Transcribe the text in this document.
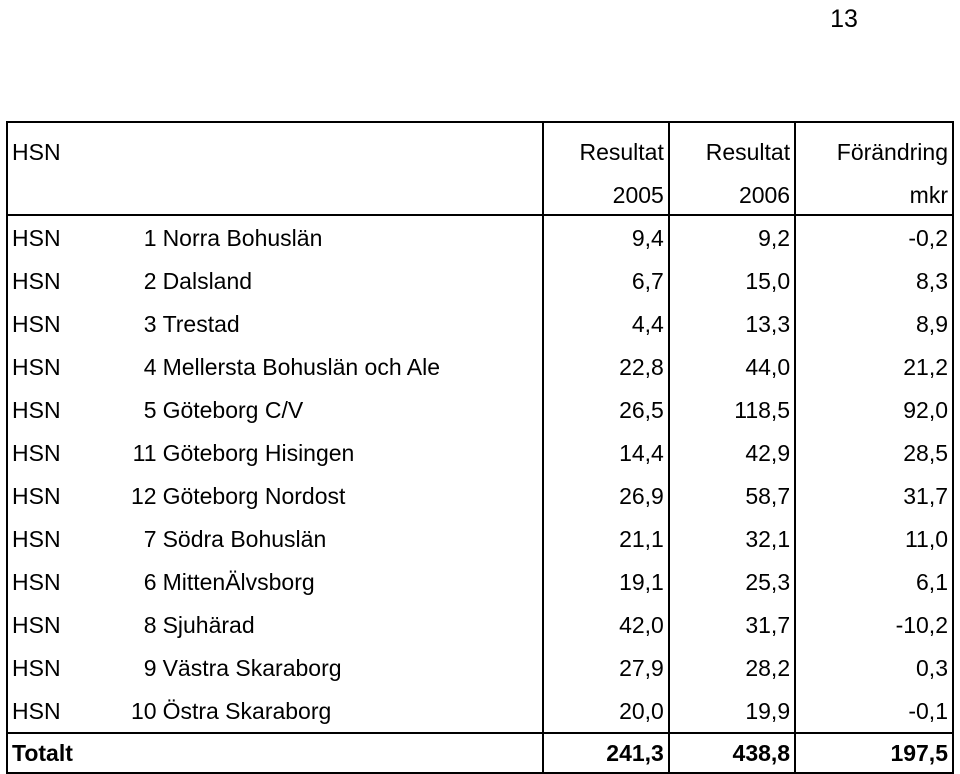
13
HSN			Resultat	Resultat	Förändring
			2005	2006	mkr
HSN	1	Norra Bohuslän	9,4	9,2	-0,2
HSN	2	Dalsland	6,7	15,0	8,3
HSN	3	Trestad	4,4	13,3	8,9
HSN	4	Mellersta Bohuslän och Ale	22,8	44,0	21,2
HSN	5	Göteborg C/V	26,5	118,5	92,0
HSN	11	Göteborg Hisingen	14,4	42,9	28,5
HSN	12	Göteborg Nordost	26,9	58,7	31,7
HSN	7	Södra Bohuslän	21,1	32,1	11,0
HSN	6	MittenÄlvsborg	19,1	25,3	6,1
HSN	8	Sjuhärad	42,0	31,7	-10,2
HSN	9	Västra Skaraborg	27,9	28,2	0,3
HSN	10	Östra Skaraborg	20,0	19,9	-0,1
Totalt			241,3	438,8	197,5
